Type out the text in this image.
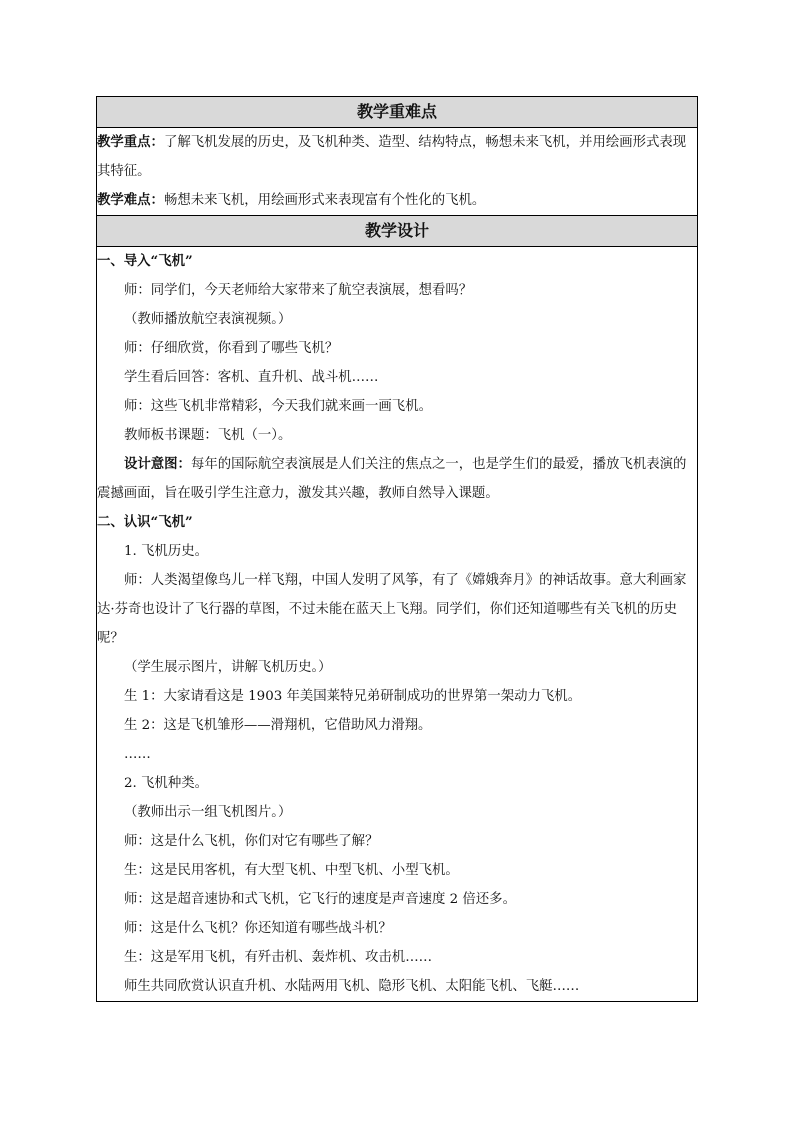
教学重难点

教学重点：了解飞机发展的历史，及飞机种类、造型、结构特点，畅想未来飞机，并用绘画形式表现其特征。

教学难点：畅想未来飞机，用绘画形式来表现富有个性化的飞机。

教学设计

一、导入“飞机”

师：同学们，今天老师给大家带来了航空表演展，想看吗？

（教师播放航空表演视频。）

师：仔细欣赏，你看到了哪些飞机？

学生看后回答：客机、直升机、战斗机……

师：这些飞机非常精彩，今天我们就来画一画飞机。

教师板书课题：飞机（一）。

设计意图：每年的国际航空表演展是人们关注的焦点之一，也是学生们的最爱，播放飞机表演的震撼画面，旨在吸引学生注意力，激发其兴趣，教师自然导入课题。

二、认识“飞机”

1. 飞机历史。

师：人类渴望像鸟儿一样飞翔，中国人发明了风筝，有了《嫦娥奔月》的神话故事。意大利画家达·芬奇也设计了飞行器的草图，不过未能在蓝天上飞翔。同学们，你们还知道哪些有关飞机的历史呢？

（学生展示图片，讲解飞机历史。）

生 1：大家请看这是 1903 年美国莱特兄弟研制成功的世界第一架动力飞机。

生 2：这是飞机雏形——滑翔机，它借助风力滑翔。

……

2. 飞机种类。

（教师出示一组飞机图片。）

师：这是什么飞机，你们对它有哪些了解？

生：这是民用客机，有大型飞机、中型飞机、小型飞机。

师：这是超音速协和式飞机，它飞行的速度是声音速度 2 倍还多。

师：这是什么飞机？你还知道有哪些战斗机？

生：这是军用飞机，有歼击机、轰炸机、攻击机……

师生共同欣赏认识直升机、水陆两用飞机、隐形飞机、太阳能飞机、飞艇……
